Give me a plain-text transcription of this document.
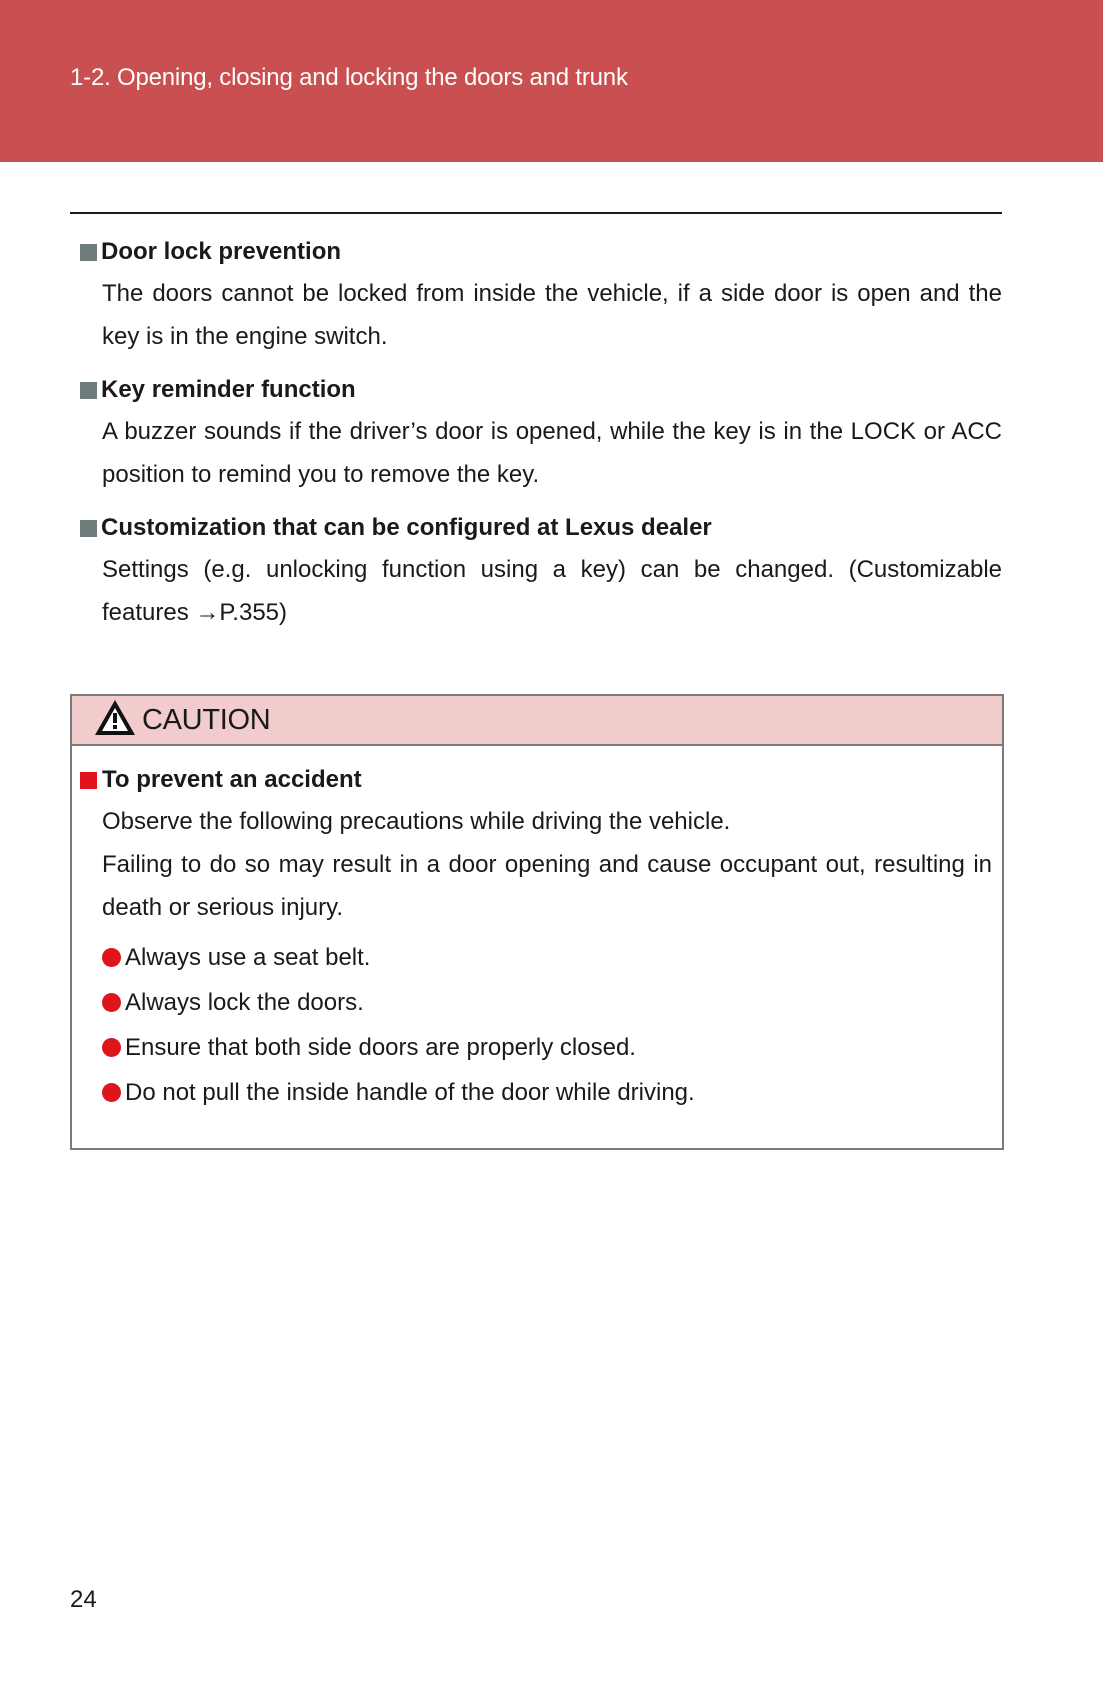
1-2. Opening, closing and locking the doors and trunk
Door lock prevention
The doors cannot be locked from inside the vehicle, if a side door is open and the key is in the engine switch.
Key reminder function
A buzzer sounds if the driver’s door is opened, while the key is in the LOCK or ACC position to remind you to remove the key.
Customization that can be configured at Lexus dealer
Settings (e.g. unlocking function using a key) can be changed. (Customizable features →P.355)
CAUTION
To prevent an accident
Observe the following precautions while driving the vehicle.
Failing to do so may result in a door opening and cause occupant out, resulting in death or serious injury.
Always use a seat belt.
Always lock the doors.
Ensure that both side doors are properly closed.
Do not pull the inside handle of the door while driving.
24
